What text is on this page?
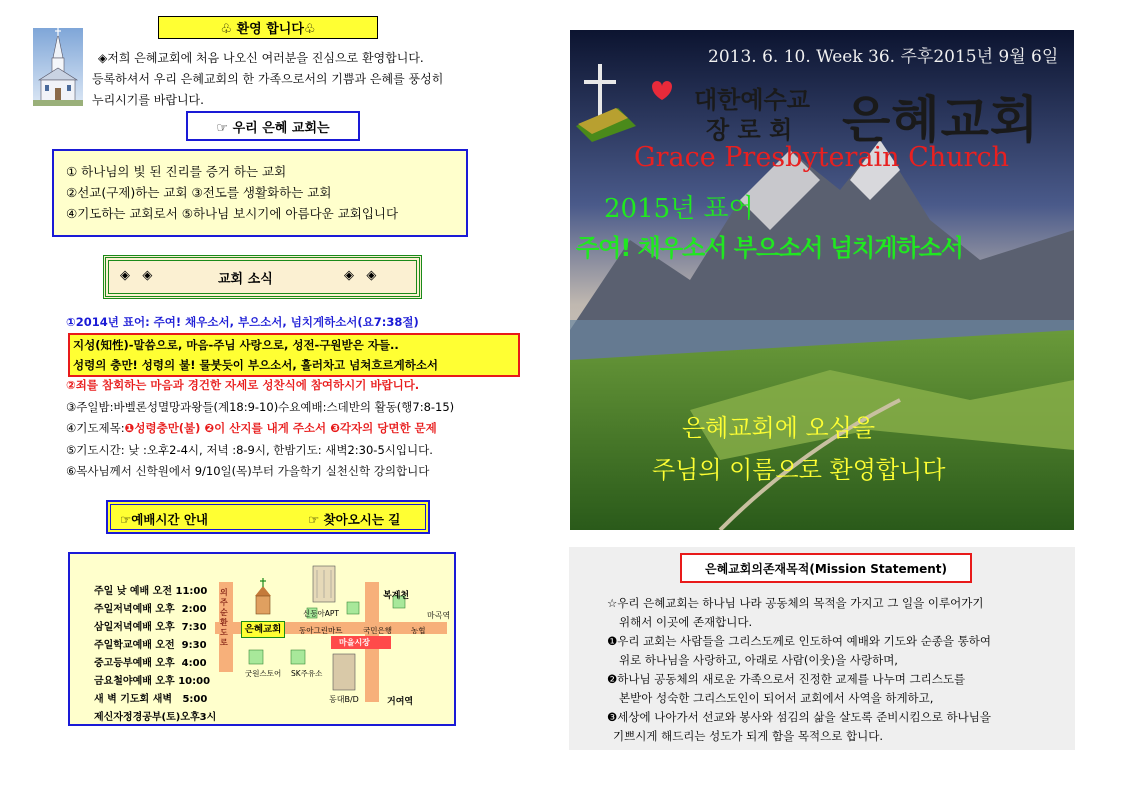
♧ 환영 합니다♧
◈저희 은혜교회에 처음 나오신 여러분을 진심으로 환영합니다.
등록하셔서 우리 은혜교회의 한 가족으로서의 기쁨과 은혜를 풍성히
누리시기를 바랍니다.
☞ 우리 은혜 교회는
① 하나님의 빛 된 진리를 증거 하는 교회
②선교(구제)하는 교회 ③전도를 생활화하는 교회
④기도하는 교회로서 ⑤하나님 보시기에 아름다운 교회입니다
◈   ◈	교회 소식	◈   ◈
①2014년 표어: 주여! 채우소서, 부으소서, 넘치게하소서(요7:38절)
지성(知性)-말씀으로, 마음-주님 사랑으로, 성전-구원받은 자들..
성령의 충만! 성령의 불! 물붓듯이 부으소서, 흘러차고 넘쳐흐르게하소서
②죄를 참회하는 마음과 경건한 자세로 성찬식에 참여하시기 바랍니다.
③주일밤:바벨론성멸망과왕들(계18:9-10)수요예배:스데반의 활동(행7:8-15)
④기도제목:❶성령충만(불) ❷이 산지를 내게 주소서 ❸각자의 당면한 문제
⑤기도시간: 낮 :오후2-4시, 저녁 :8-9시, 한밤기도: 새벽2:30-5시입니다.
⑥목사님께서 신학원에서 9/10일(목)부터 가을학기 실천신학 강의합니다
☞예배시간 안내	☞ 찾아오시는 길

주일 낮 예배 오전 11:00

주일저녁예배 오후  2:00

삼일저녁예배 오후  7:30

주일학교예배 오전  9:30

중고등부예배 오후  4:00

금요철야예배 오후 10:00

새 벽 기도회 새벽   5:00

제신자정경공부(토)오후3시
은혜교회
의주순환도로
신동아APT
복계천
마곡역
동아그린마트	국민은행	농협
마을시장
굿원스토어 SK주유소
동대B/D	거여역
2013. 6. 10. Week 36. 주후2015년 9월 6일
대한예수교
장 로 회 은혜교회
Grace Presbyterain Church
2015년 표어
주여! 채우소서 부으소서 넘치게하소서
은혜교회에 오심을
주님의 이름으로 환영합니다
은혜교회의존재목적(Mission Statement)
☆우리 은혜교회는 하나님 나라 공동체의 목적을 가지고 그 일을 이루어가기
위해서 이곳에 존재합니다.
❶우리 교회는 사람들을 그리스도께로 인도하여 예배와 기도와 순종을 통하여
위로 하나님을 사랑하고, 아래로 사람(이웃)을 사랑하며,
❷하나님 공동체의 새로운 가족으로서 진정한 교제를 나누며 그리스도를
본받아 성숙한 그리스도인이 되어서 교회에서 사역을 하게하고,
❸세상에 나아가서 선교와 봉사와 섬김의 삶을 살도록 준비시킴으로 하나님을
기쁘시게 해드리는 성도가 되게 함을 목적으로 합니다.
